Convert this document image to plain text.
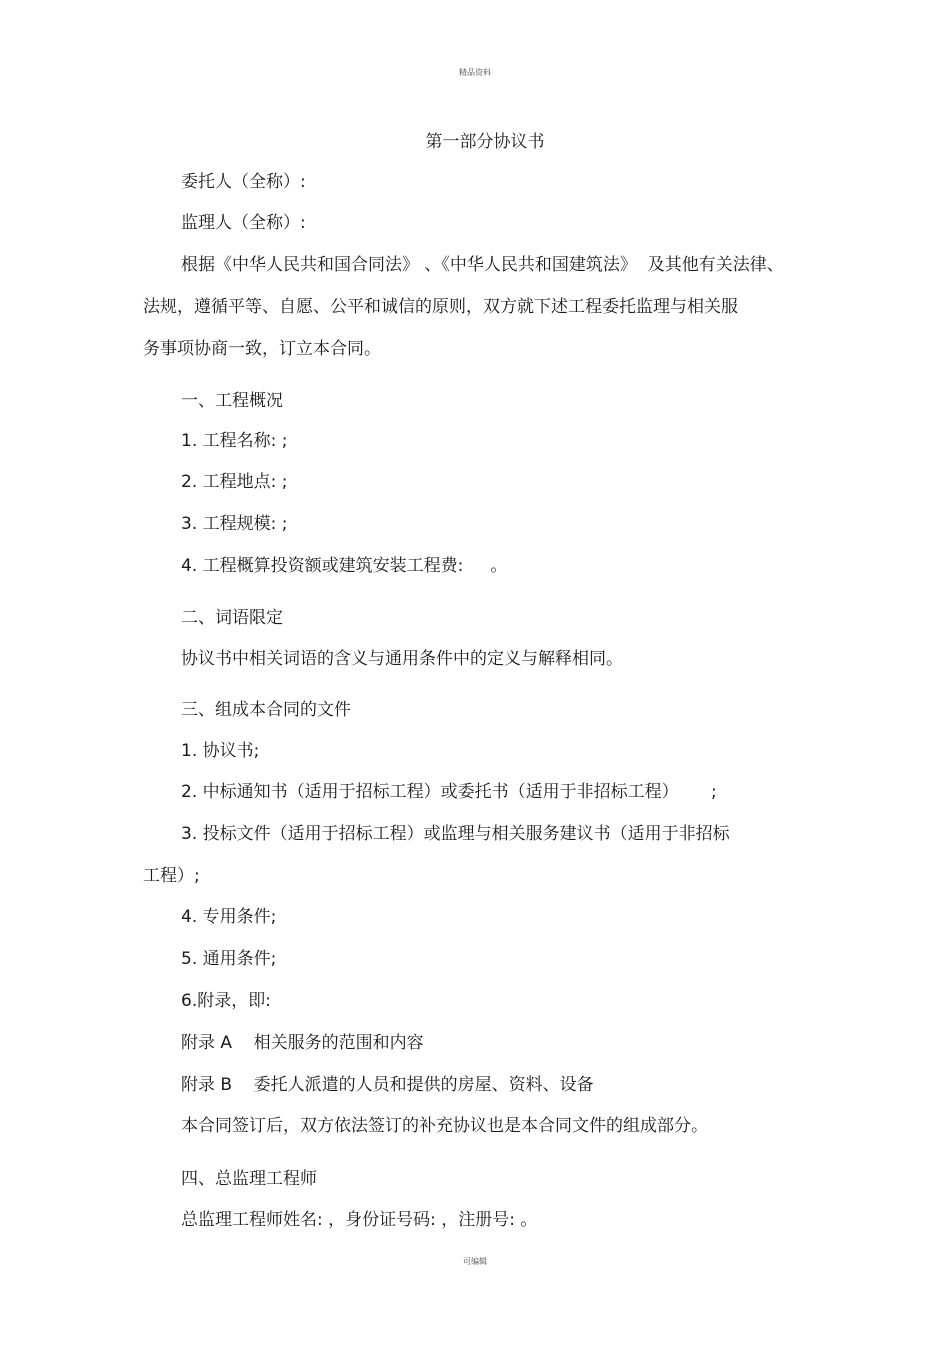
精品资料
第一部分协议书
委托人（全称）:
监理人（全称）:
根据《中华人民共和国合同法》 、《中华人民共和国建筑法》  及其他有关法律、
法规，遵循平等、自愿、公平和诚信的原则，双方就下述工程委托监理与相关服
务事项协商一致，订立本合同。
一、工程概况
1. 工程名称: ;
2. 工程地点: ;
3. 工程规模: ;
4. 工程概算投资额或建筑安装工程费:     。
二、词语限定
协议书中相关词语的含义与通用条件中的定义与解释相同。
三、组成本合同的文件
1. 协议书;
2. 中标通知书（适用于招标工程）或委托书（适用于非招标工程）      ;
3. 投标文件（适用于招标工程）或监理与相关服务建议书（适用于非招标
工程）;
4. 专用条件;
5. 通用条件;
6.附录，即:
附录 A    相关服务的范围和内容
附录 B    委托人派遣的人员和提供的房屋、资料、设备
本合同签订后，双方依法签订的补充协议也是本合同文件的组成部分。
四、总监理工程师
总监理工程师姓名: ，身份证号码: ，注册号: 。
可编辑
